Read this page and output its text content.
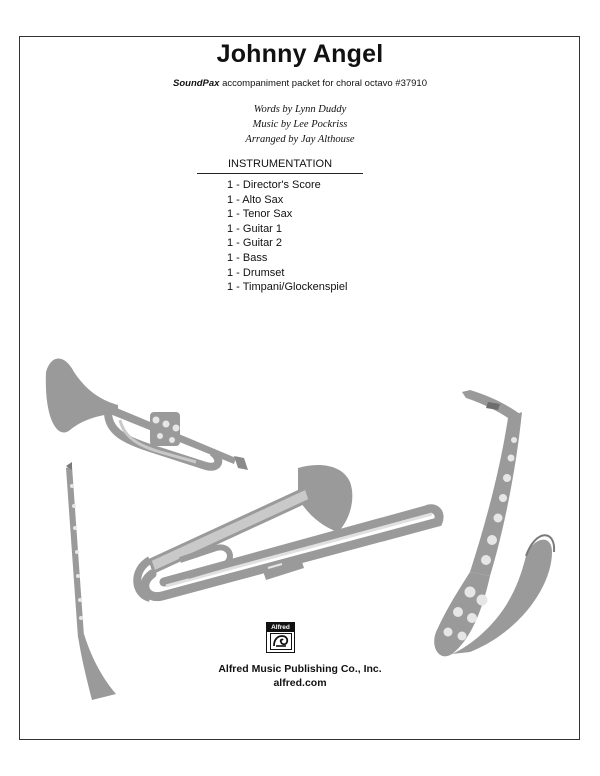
Johnny Angel
SoundPax accompaniment packet for choral octavo #37910
Words by Lynn Duddy
Music by Lee Pockriss
Arranged by Jay Althouse
INSTRUMENTATION
1 - Director's Score
1 - Alto Sax
1 - Tenor Sax
1 - Guitar 1
1 - Guitar 2
1 - Bass
1 - Drumset
1 - Timpani/Glockenspiel
Alfred
Alfred Music Publishing Co., Inc.
alfred.com
